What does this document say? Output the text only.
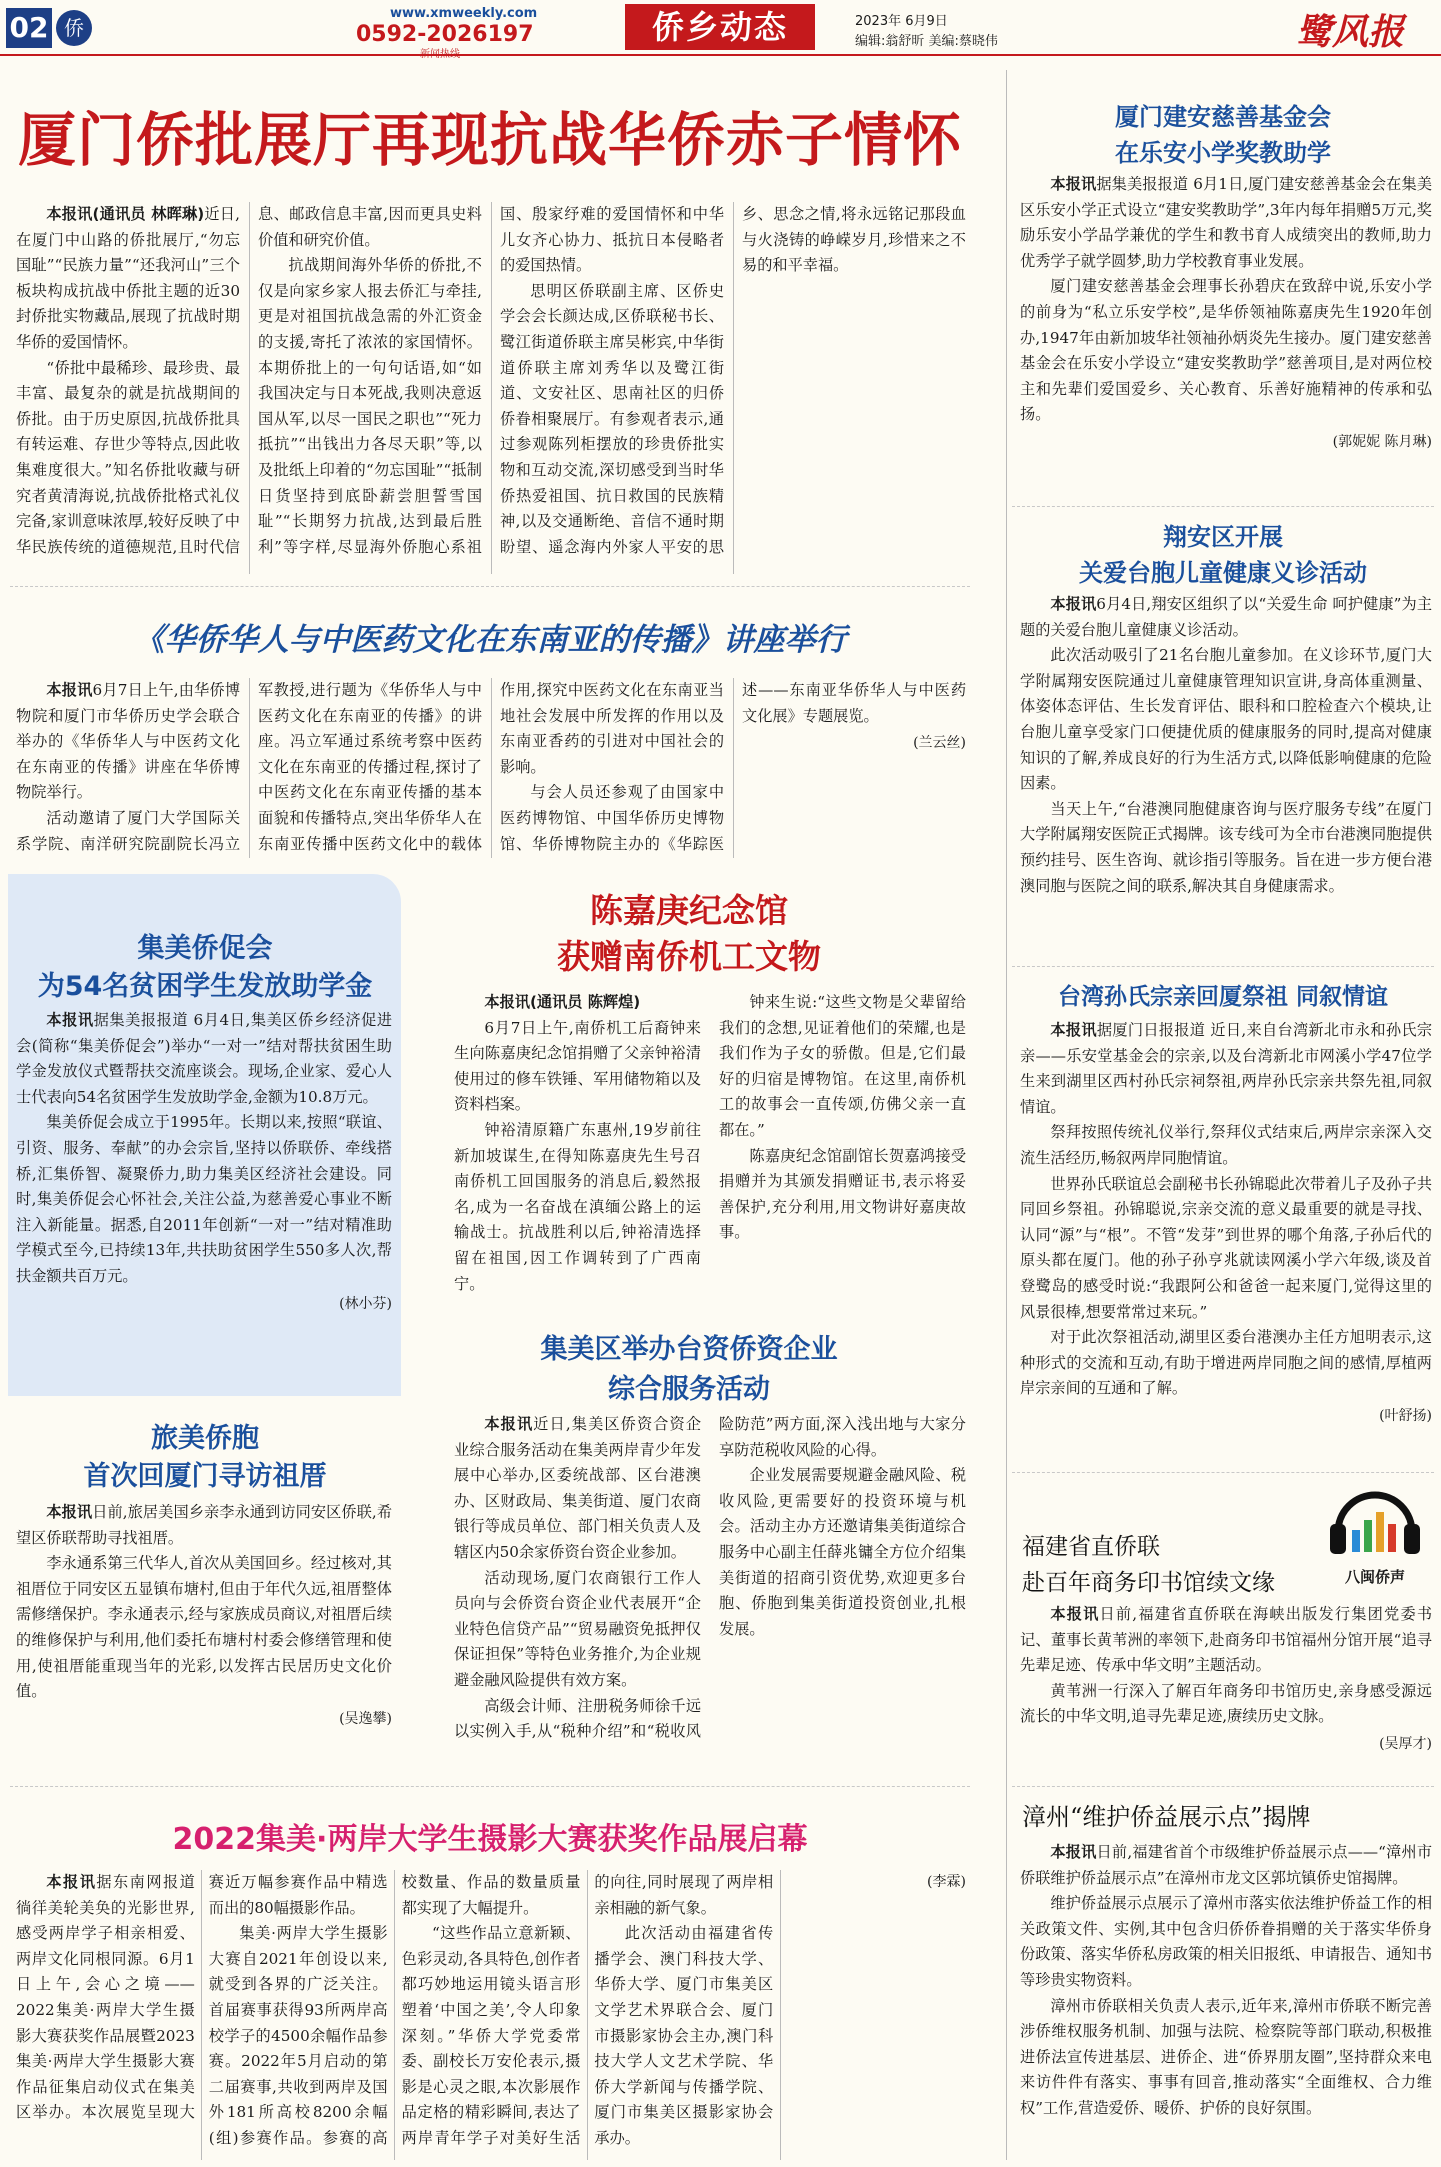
02 侨
www.xmweekly.com
0592-2026197
新闻热线
侨乡动态	2023年 6月9日
编辑:翁舒昕 美编:蔡晓伟	鹭风报
厦门侨批展厅再现抗战华侨赤子情怀

本报讯(通讯员 林晖琳)近日,在厦门中山路的侨批展厅,“勿忘国耻”“民族力量”“还我河山”三个板块构成抗战中侨批主题的近30封侨批实物藏品,展现了抗战时期华侨的爱国情怀。

“侨批中最稀珍、最珍贵、最丰富、最复杂的就是抗战期间的侨批。由于历史原因,抗战侨批具有转运难、存世少等特点,因此收集难度很大。”知名侨批收藏与研究者黄清海说,抗战侨批格式礼仪完备,家训意味浓厚,较好反映了中华民族传统的道德规范,且时代信息、邮政信息丰富,因而更具史料价值和研究价值。

抗战期间海外华侨的侨批,不仅是向家乡家人报去侨汇与牵挂,更是对祖国抗战急需的外汇资金的支援,寄托了浓浓的家国情怀。本期侨批上的一句句话语,如“如我国决定与日本死战,我则决意返国从军,以尽一国民之职也”“死力抵抗”“出钱出力各尽天职”等,以及批纸上印着的“勿忘国耻”“抵制日货坚持到底卧薪尝胆誓雪国耻”“长期努力抗战,达到最后胜利”等字样,尽显海外侨胞心系祖国、殷家纾难的爱国情怀和中华儿女齐心协力、抵抗日本侵略者的爱国热情。

思明区侨联副主席、区侨史学会会长颜达成,区侨联秘书长、鹭江街道侨联主席吴彬宾,中华街道侨联主席刘秀华以及鹭江街道、文安社区、思南社区的归侨侨眷相聚展厅。有参观者表示,通过参观陈列柜摆放的珍贵侨批实物和互动交流,深切感受到当时华侨热爱祖国、抗日救国的民族精神,以及交通断绝、音信不通时期盼望、遥念海内外家人平安的思乡、思念之情,将永远铭记那段血与火浇铸的峥嵘岁月,珍惜来之不易的和平幸福。

《华侨华人与中医药文化在东南亚的传播》讲座举行

本报讯6月7日上午,由华侨博物院和厦门市华侨历史学会联合举办的《华侨华人与中医药文化在东南亚的传播》讲座在华侨博物院举行。

活动邀请了厦门大学国际关系学院、南洋研究院副院长冯立军教授,进行题为《华侨华人与中医药文化在东南亚的传播》的讲座。冯立军通过系统考察中医药文化在东南亚的传播过程,探讨了中医药文化在东南亚传播的基本面貌和传播特点,突出华侨华人在东南亚传播中医药文化中的载体作用,探究中医药文化在东南亚当地社会发展中所发挥的作用以及东南亚香药的引进对中国社会的影响。

与会人员还参观了由国家中医药博物馆、中国华侨历史博物馆、华侨博物院主办的《华踪医述——东南亚华侨华人与中医药文化展》专题展览。

(兰云丝)
集美侨促会
为54名贫困学生发放助学金

本报讯据集美报报道 6月4日,集美区侨乡经济促进会(简称“集美侨促会”)举办“一对一”结对帮扶贫困生助学金发放仪式暨帮扶交流座谈会。现场,企业家、爱心人士代表向54名贫困学生发放助学金,金额为10.8万元。

集美侨促会成立于1995年。长期以来,按照“联谊、引资、服务、奉献”的办会宗旨,坚持以侨联侨、牵线搭桥,汇集侨智、凝聚侨力,助力集美区经济社会建设。同时,集美侨促会心怀社会,关注公益,为慈善爱心事业不断注入新能量。据悉,自2011年创新“一对一”结对精准助学模式至今,已持续13年,共扶助贫困学生550多人次,帮扶金额共百万元。

(林小芬)
旅美侨胞
首次回厦门寻访祖厝

本报讯日前,旅居美国乡亲李永通到访同安区侨联,希望区侨联帮助寻找祖厝。

李永通系第三代华人,首次从美国回乡。经过核对,其祖厝位于同安区五显镇布塘村,但由于年代久远,祖厝整体需修缮保护。李永通表示,经与家族成员商议,对祖厝后续的维修保护与利用,他们委托布塘村村委会修缮管理和使用,使祖厝能重现当年的光彩,以发挥古民居历史文化价值。

(吴逸攀)
陈嘉庚纪念馆
获赠南侨机工文物

本报讯(通讯员 陈辉煌)

6月7日上午,南侨机工后裔钟来生向陈嘉庚纪念馆捐赠了父亲钟裕清使用过的修车铁锤、军用储物箱以及资料档案。

钟裕清原籍广东惠州,19岁前往新加坡谋生,在得知陈嘉庚先生号召南侨机工回国服务的消息后,毅然报名,成为一名奋战在滇缅公路上的运输战士。抗战胜利以后,钟裕清选择留在祖国,因工作调转到了广西南宁。

钟来生说:“这些文物是父辈留给我们的念想,见证着他们的荣耀,也是我们作为子女的骄傲。但是,它们最好的归宿是博物馆。在这里,南侨机工的故事会一直传颂,仿佛父亲一直都在。”

陈嘉庚纪念馆副馆长贺嘉鸿接受捐赠并为其颁发捐赠证书,表示将妥善保护,充分利用,用文物讲好嘉庚故事。

集美区举办台资侨资企业
综合服务活动

本报讯近日,集美区侨资合资企业综合服务活动在集美两岸青少年发展中心举办,区委统战部、区台港澳办、区财政局、集美街道、厦门农商银行等成员单位、部门相关负责人及辖区内50余家侨资台资企业参加。

活动现场,厦门农商银行工作人员向与会侨资台资企业代表展开“企业特色信贷产品”“贸易融资免抵押仅保证担保”等特色业务推介,为企业规避金融风险提供有效方案。

高级会计师、注册税务师徐千远以实例入手,从“税种介绍”和“税收风险防范”两方面,深入浅出地与大家分享防范税收风险的心得。

企业发展需要规避金融风险、税收风险,更需要好的投资环境与机会。活动主办方还邀请集美街道综合服务中心副主任薛兆镛全方位介绍集美街道的招商引资优势,欢迎更多台胞、侨胞到集美街道投资创业,扎根发展。

2022集美·两岸大学生摄影大赛获奖作品展启幕

本报讯据东南网报道 徜徉美轮美奂的光影世界,感受两岸学子相亲相爱、两岸文化同根同源。6月1日上午,会心之境——2022集美·两岸大学生摄影大赛获奖作品展暨2023集美·两岸大学生摄影大赛作品征集启动仪式在集美区举办。本次展览呈现大赛近万幅参赛作品中精选而出的80幅摄影作品。

集美·两岸大学生摄影大赛自2021年创设以来,就受到各界的广泛关注。首届赛事获得93所两岸高校学子的4500余幅作品参赛。2022年5月启动的第二届赛事,共收到两岸及国外181所高校8200余幅(组)参赛作品。参赛的高校数量、作品的数量质量都实现了大幅提升。

“这些作品立意新颖、色彩灵动,各具特色,创作者都巧妙地运用镜头语言形塑着‘中国之美’,令人印象深刻。”华侨大学党委常委、副校长万安伦表示,摄影是心灵之眼,本次影展作品定格的精彩瞬间,表达了两岸青年学子对美好生活的向往,同时展现了两岸相亲相融的新气象。

此次活动由福建省传播学会、澳门科技大学、华侨大学、厦门市集美区文学艺术界联合会、厦门市摄影家协会主办,澳门科技大学人文艺术学院、华侨大学新闻与传播学院、厦门市集美区摄影家协会承办。

(李霖)
厦门建安慈善基金会
在乐安小学奖教助学

本报讯据集美报报道 6月1日,厦门建安慈善基金会在集美区乐安小学正式设立“建安奖教助学”,3年内每年捐赠5万元,奖励乐安小学品学兼优的学生和教书育人成绩突出的教师,助力优秀学子就学圆梦,助力学校教育事业发展。

厦门建安慈善基金会理事长孙碧庆在致辞中说,乐安小学的前身为“私立乐安学校”,是华侨领袖陈嘉庚先生1920年创办,1947年由新加坡华社领袖孙炳炎先生接办。厦门建安慈善基金会在乐安小学设立“建安奖教助学”慈善项目,是对两位校主和先辈们爱国爱乡、关心教育、乐善好施精神的传承和弘扬。

(郭妮妮 陈月琳)
翔安区开展
关爱台胞儿童健康义诊活动

本报讯6月4日,翔安区组织了以“关爱生命 呵护健康”为主题的关爱台胞儿童健康义诊活动。

此次活动吸引了21名台胞儿童参加。在义诊环节,厦门大学附属翔安医院通过儿童健康管理知识宣讲,身高体重测量、体姿体态评估、生长发育评估、眼科和口腔检查六个模块,让台胞儿童享受家门口便捷优质的健康服务的同时,提高对健康知识的了解,养成良好的行为生活方式,以降低影响健康的危险因素。

当天上午,“台港澳同胞健康咨询与医疗服务专线”在厦门大学附属翔安医院正式揭牌。该专线可为全市台港澳同胞提供预约挂号、医生咨询、就诊指引等服务。旨在进一步方便台港澳同胞与医院之间的联系,解决其自身健康需求。

台湾孙氏宗亲回厦祭祖 同叙情谊

本报讯据厦门日报报道 近日,来自台湾新北市永和孙氏宗亲——乐安堂基金会的宗亲,以及台湾新北市网溪小学47位学生来到湖里区西村孙氏宗祠祭祖,两岸孙氏宗亲共祭先祖,同叙情谊。

祭拜按照传统礼仪举行,祭拜仪式结束后,两岸宗亲深入交流生活经历,畅叙两岸同胞情谊。

世界孙氏联谊总会副秘书长孙锦聪此次带着儿子及孙子共同回乡祭祖。孙锦聪说,宗亲交流的意义最重要的就是寻找、认同“源”与“根”。不管“发芽”到世界的哪个角落,子孙后代的原头都在厦门。他的孙子孙亨兆就读网溪小学六年级,谈及首登鹭岛的感受时说:“我跟阿公和爸爸一起来厦门,觉得这里的风景很棒,想要常常过来玩。”

对于此次祭祖活动,湖里区委台港澳办主任方旭明表示,这种形式的交流和互动,有助于增进两岸同胞之间的感情,厚植两岸宗亲间的互通和了解。

(叶舒扬)
八闽侨声
福建省直侨联
赴百年商务印书馆续文缘

本报讯日前,福建省直侨联在海峡出版发行集团党委书记、董事长黄苇洲的率领下,赴商务印书馆福州分馆开展“追寻先辈足迹、传承中华文明”主题活动。

黄苇洲一行深入了解百年商务印书馆历史,亲身感受源远流长的中华文明,追寻先辈足迹,赓续历史文脉。

(吴厚才)
漳州“维护侨益展示点”揭牌

本报讯日前,福建省首个市级维护侨益展示点——“漳州市侨联维护侨益展示点”在漳州市龙文区郭坑镇侨史馆揭牌。

维护侨益展示点展示了漳州市落实依法维护侨益工作的相关政策文件、实例,其中包含归侨侨眷捐赠的关于落实华侨身份政策、落实华侨私房政策的相关旧报纸、申请报告、通知书等珍贵实物资料。

漳州市侨联相关负责人表示,近年来,漳州市侨联不断完善涉侨维权服务机制、加强与法院、检察院等部门联动,积极推进侨法宣传进基层、进侨企、进“侨界朋友圈”,坚持群众来电来访件件有落实、事事有回音,推动落实“全面维权、合力维权”工作,营造爱侨、暖侨、护侨的良好氛围。
